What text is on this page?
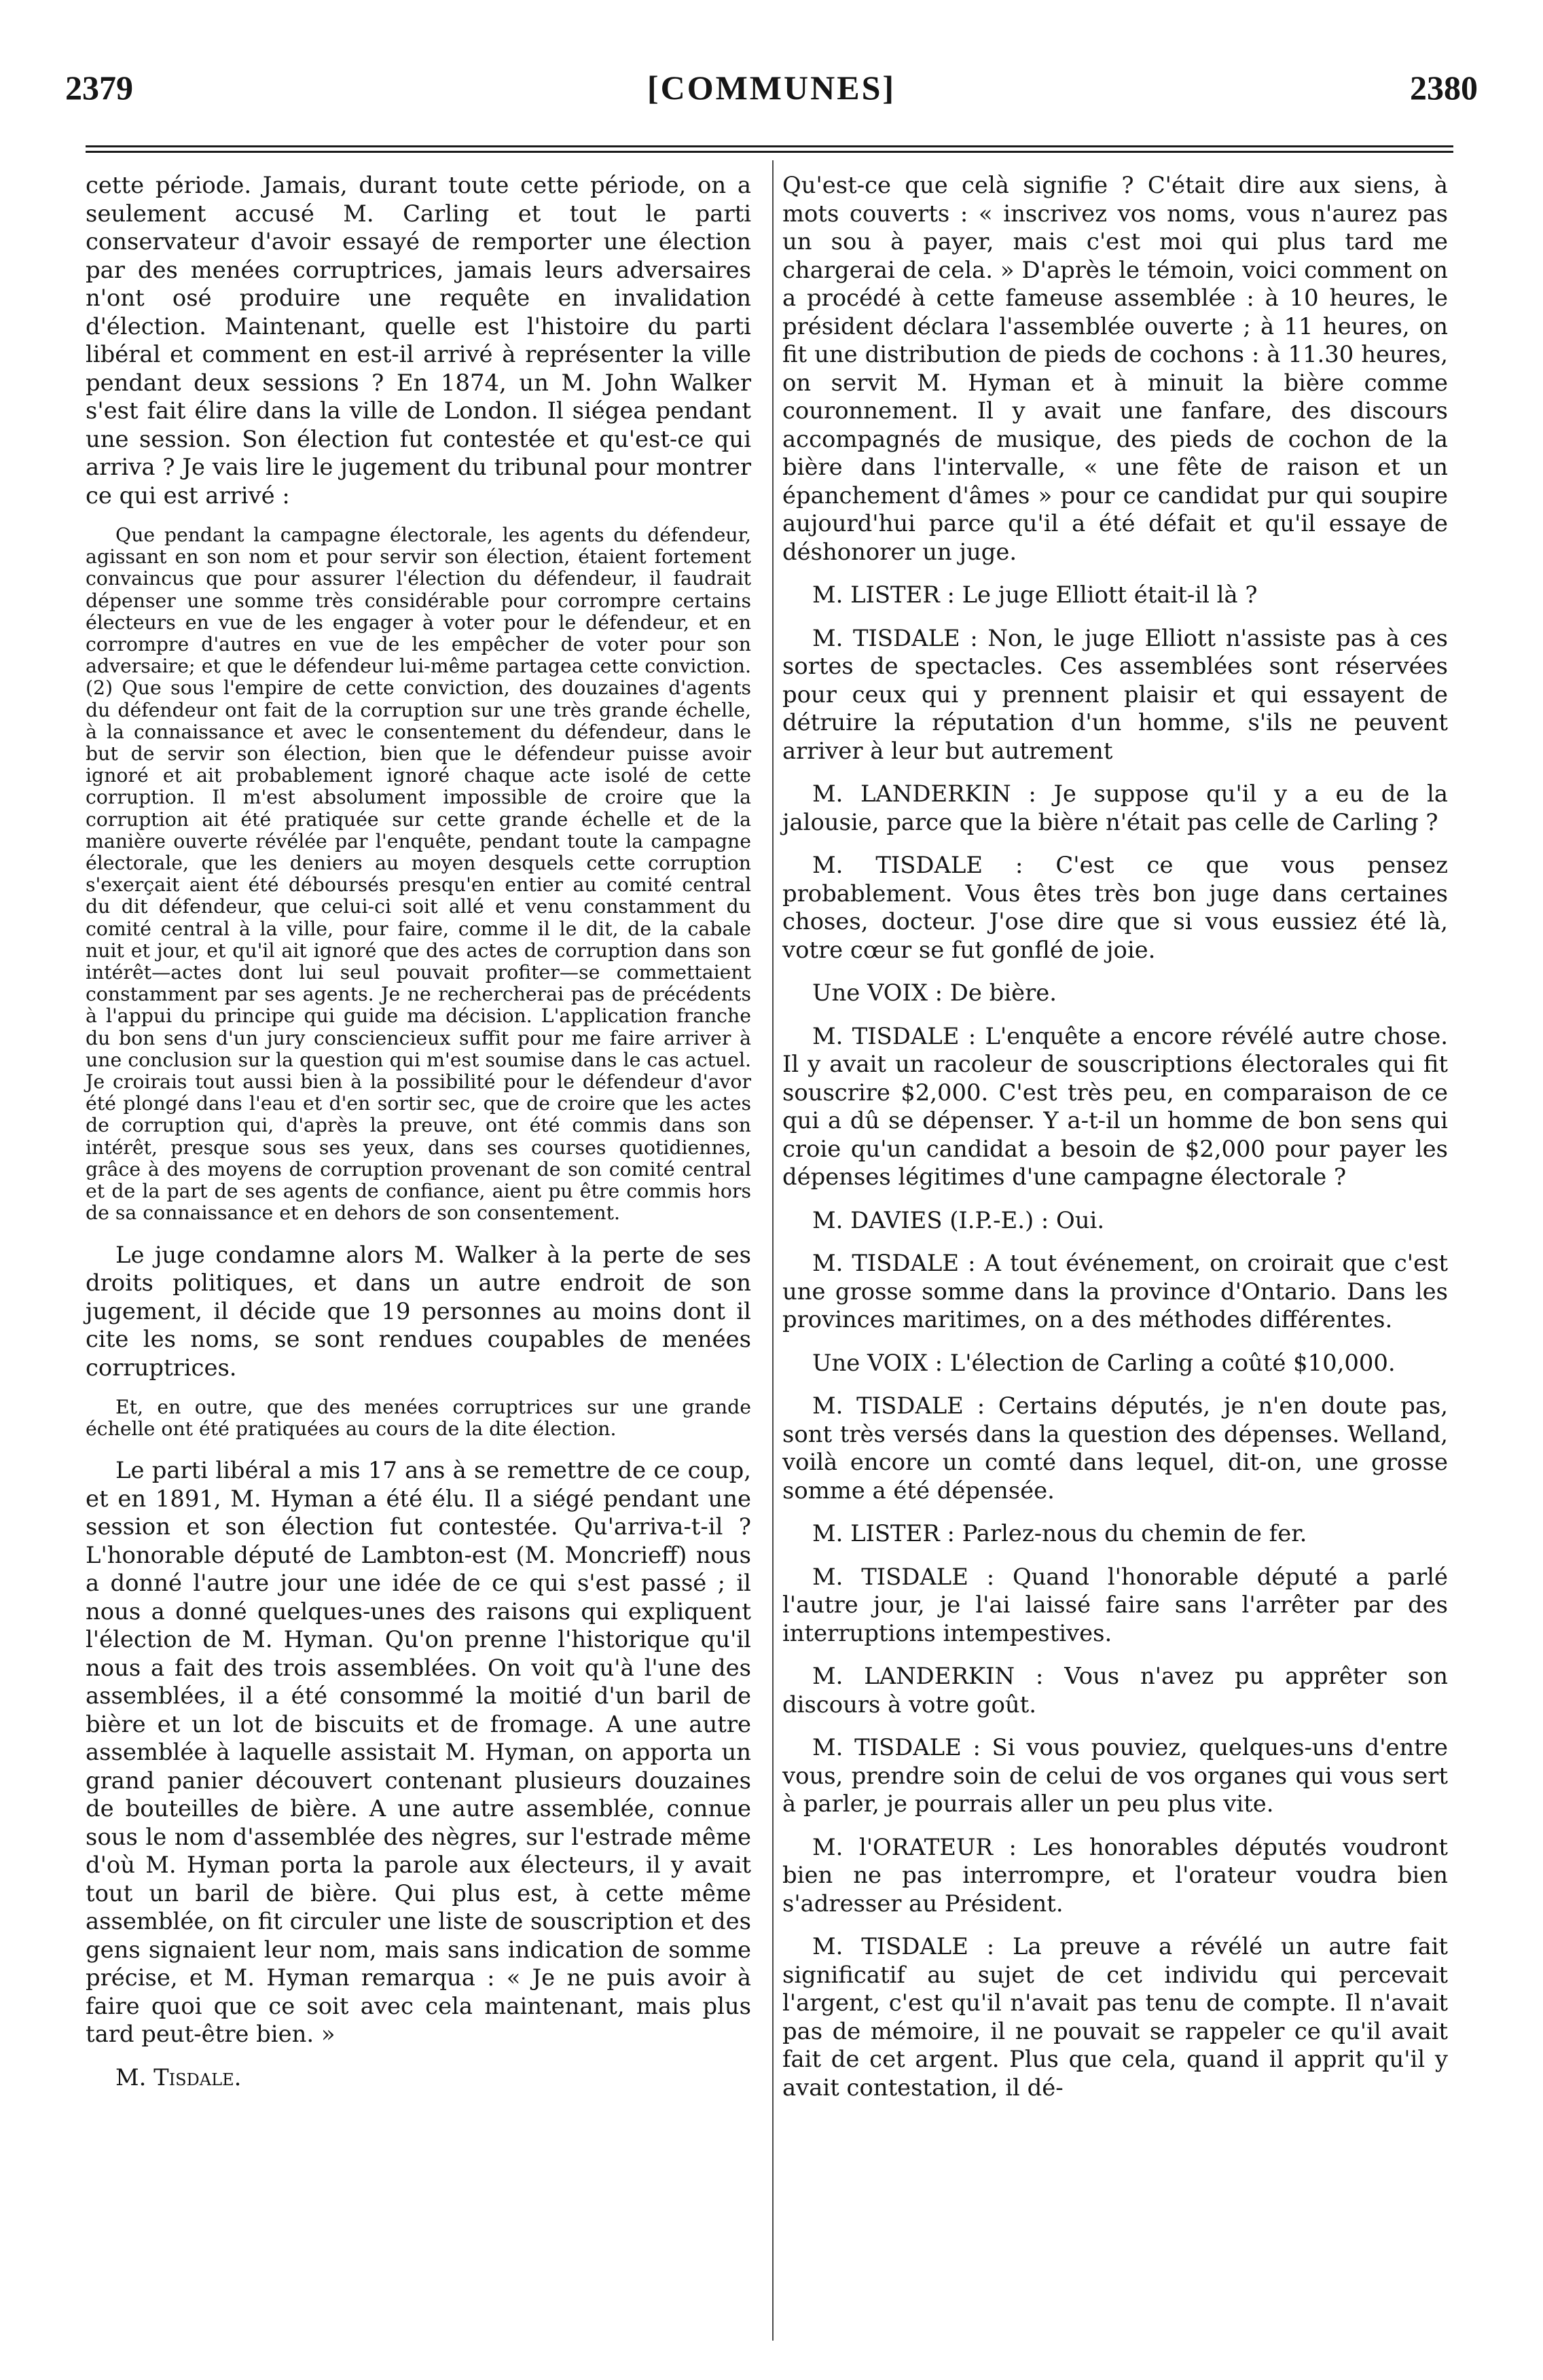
2379	[COMMUNES]	2380

cette période. Jamais, durant toute cette période, on a seulement accusé M. Carling et tout le parti conservateur d'avoir essayé de remporter une élection par des menées corruptrices, jamais leurs adversaires n'ont osé produire une requête en invalidation d'élection. Maintenant, quelle est l'histoire du parti libéral et comment en est-il arrivé à représenter la ville pendant deux sessions ? En 1874, un M. John Walker s'est fait élire dans la ville de London. Il siégea pendant une session. Son élection fut contestée et qu'est-ce qui arriva ? Je vais lire le jugement du tribunal pour montrer ce qui est arrivé :

Que pendant la campagne électorale, les agents du défendeur, agissant en son nom et pour servir son élection, étaient fortement convaincus que pour assurer l'élection du défendeur, il faudrait dépenser une somme très considérable pour corrompre certains électeurs en vue de les engager à voter pour le défendeur, et en corrompre d'autres en vue de les empêcher de voter pour son adversaire; et que le défendeur lui-même partagea cette conviction. (2) Que sous l'empire de cette conviction, des douzaines d'agents du défendeur ont fait de la corruption sur une très grande échelle, à la connaissance et avec le consentement du défendeur, dans le but de servir son élection, bien que le défendeur puisse avoir ignoré et ait probablement ignoré chaque acte isolé de cette corruption. Il m'est absolument impossible de croire que la corruption ait été pratiquée sur cette grande échelle et de la manière ouverte révélée par l'enquête, pendant toute la campagne électorale, que les deniers au moyen desquels cette corruption s'exerçait aient été déboursés presqu'en entier au comité central du dit défendeur, que celui-ci soit allé et venu constamment du comité central à la ville, pour faire, comme il le dit, de la cabale nuit et jour, et qu'il ait ignoré que des actes de corruption dans son intérêt—actes dont lui seul pouvait profiter—se commettaient constamment par ses agents. Je ne rechercherai pas de précédents à l'appui du principe qui guide ma décision. L'application franche du bon sens d'un jury consciencieux suffit pour me faire arriver à une conclusion sur la question qui m'est soumise dans le cas actuel. Je croirais tout aussi bien à la possibilité pour le défendeur d'avor été plongé dans l'eau et d'en sortir sec, que de croire que les actes de corruption qui, d'après la preuve, ont été commis dans son intérêt, presque sous ses yeux, dans ses courses quotidiennes, grâce à des moyens de corruption provenant de son comité central et de la part de ses agents de confiance, aient pu être commis hors de sa connaissance et en dehors de son consentement.

Le juge condamne alors M. Walker à la perte de ses droits politiques, et dans un autre endroit de son jugement, il décide que 19 personnes au moins dont il cite les noms, se sont rendues coupables de menées corruptrices.

Et, en outre, que des menées corruptrices sur une grande échelle ont été pratiquées au cours de la dite élection.

Le parti libéral a mis 17 ans à se remettre de ce coup, et en 1891, M. Hyman a été élu. Il a siégé pendant une session et son élection fut contestée. Qu'arriva-t-il ? L'honorable député de Lambton-est (M. Moncrieff) nous a donné l'autre jour une idée de ce qui s'est passé ; il nous a donné quelques-unes des raisons qui expliquent l'élection de M. Hyman. Qu'on prenne l'historique qu'il nous a fait des trois assemblées. On voit qu'à l'une des assemblées, il a été consommé la moitié d'un baril de bière et un lot de biscuits et de fromage. A une autre assemblée à laquelle assistait M. Hyman, on apporta un grand panier découvert contenant plusieurs douzaines de bouteilles de bière. A une autre assemblée, connue sous le nom d'assemblée des nègres, sur l'estrade même d'où M. Hyman porta la parole aux électeurs, il y avait tout un baril de bière. Qui plus est, à cette même assemblée, on fit circuler une liste de souscription et des gens signaient leur nom, mais sans indication de somme précise, et M. Hyman remarqua : « Je ne puis avoir à faire quoi que ce soit avec cela maintenant, mais plus tard peut-être bien. »

M. Tisdale.

Qu'est-ce que celà signifie ? C'était dire aux siens, à mots couverts : « inscrivez vos noms, vous n'aurez pas un sou à payer, mais c'est moi qui plus tard me chargerai de cela. » D'après le témoin, voici comment on a procédé à cette fameuse assemblée : à 10 heures, le président déclara l'assemblée ouverte ; à 11 heures, on fit une distribution de pieds de cochons : à 11.30 heures, on servit M. Hyman et à minuit la bière comme couronnement. Il y avait une fanfare, des discours accompagnés de musique, des pieds de cochon de la bière dans l'intervalle, « une fête de raison et un épanchement d'âmes » pour ce candidat pur qui soupire aujourd'hui parce qu'il a été défait et qu'il essaye de déshonorer un juge.

M. LISTER : Le juge Elliott était-il là ?

M. TISDALE : Non, le juge Elliott n'assiste pas à ces sortes de spectacles. Ces assemblées sont réservées pour ceux qui y prennent plaisir et qui essayent de détruire la réputation d'un homme, s'ils ne peuvent arriver à leur but autrement

M. LANDERKIN : Je suppose qu'il y a eu de la jalousie, parce que la bière n'était pas celle de Carling ?

M. TISDALE : C'est ce que vous pensez probablement. Vous êtes très bon juge dans certaines choses, docteur. J'ose dire que si vous eussiez été là, votre cœur se fut gonflé de joie.

Une VOIX : De bière.

M. TISDALE : L'enquête a encore révélé autre chose. Il y avait un racoleur de souscriptions électorales qui fit souscrire $2,000. C'est très peu, en comparaison de ce qui a dû se dépenser. Y a-t-il un homme de bon sens qui croie qu'un candidat a besoin de $2,000 pour payer les dépenses légitimes d'une campagne électorale ?

M. DAVIES (I.P.-E.) : Oui.

M. TISDALE : A tout événement, on croirait que c'est une grosse somme dans la province d'Ontario. Dans les provinces maritimes, on a des méthodes différentes.

Une VOIX : L'élection de Carling a coûté $10,000.

M. TISDALE : Certains députés, je n'en doute pas, sont très versés dans la question des dépenses. Welland, voilà encore un comté dans lequel, dit-on, une grosse somme a été dépensée.

M. LISTER : Parlez-nous du chemin de fer.

M. TISDALE : Quand l'honorable député a parlé l'autre jour, je l'ai laissé faire sans l'arrêter par des interruptions intempestives.

M. LANDERKIN : Vous n'avez pu apprêter son discours à votre goût.

M. TISDALE : Si vous pouviez, quelques-uns d'entre vous, prendre soin de celui de vos organes qui vous sert à parler, je pourrais aller un peu plus vite.

M. l'ORATEUR : Les honorables députés voudront bien ne pas interrompre, et l'orateur voudra bien s'adresser au Président.

M. TISDALE : La preuve a révélé un autre fait significatif au sujet de cet individu qui percevait l'argent, c'est qu'il n'avait pas tenu de compte. Il n'avait pas de mémoire, il ne pouvait se rappeler ce qu'il avait fait de cet argent. Plus que cela, quand il apprit qu'il y avait contestation, il dé-
